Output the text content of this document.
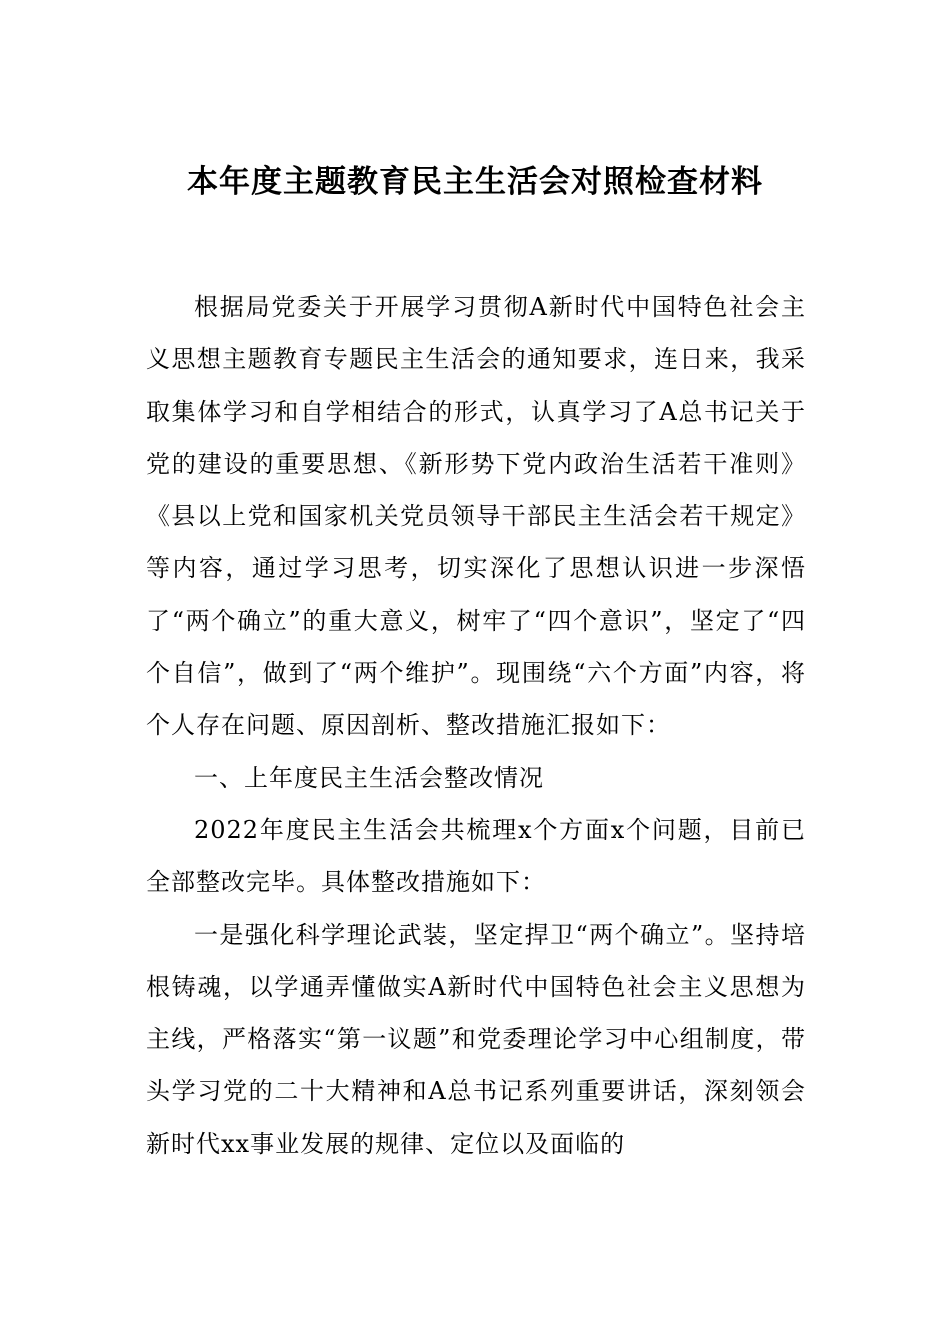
本年度主题教育民主生活会对照检查材料

根据局党委关于开展学习贯彻A新时代中国特色社会主义思想主题教育专题民主生活会的通知要求，连日来，我采取集体学习和自学相结合的形式，认真学习了A总书记关于党的建设的重要思想、《新形势下党内政治生活若干准则》《县以上党和国家机关党员领导干部民主生活会若干规定》等内容，通过学习思考，切实深化了思想认识进一步深悟了“两个确立”的重大意义，树牢了“四个意识”，坚定了“四个自信”，做到了“两个维护”。现围绕“六个方面”内容，将个人存在问题、原因剖析、整改措施汇报如下：

一、上年度民主生活会整改情况

2022年度民主生活会共梳理x个方面x个问题，目前已全部整改完毕。具体整改措施如下：

一是强化科学理论武装，坚定捍卫“两个确立”。坚持培根铸魂，以学通弄懂做实A新时代中国特色社会主义思想为主线，严格落实“第一议题”和党委理论学习中心组制度，带头学习党的二十大精神和A总书记系列重要讲话，深刻领会新时代xx事业发展的规律、定位以及面临的
